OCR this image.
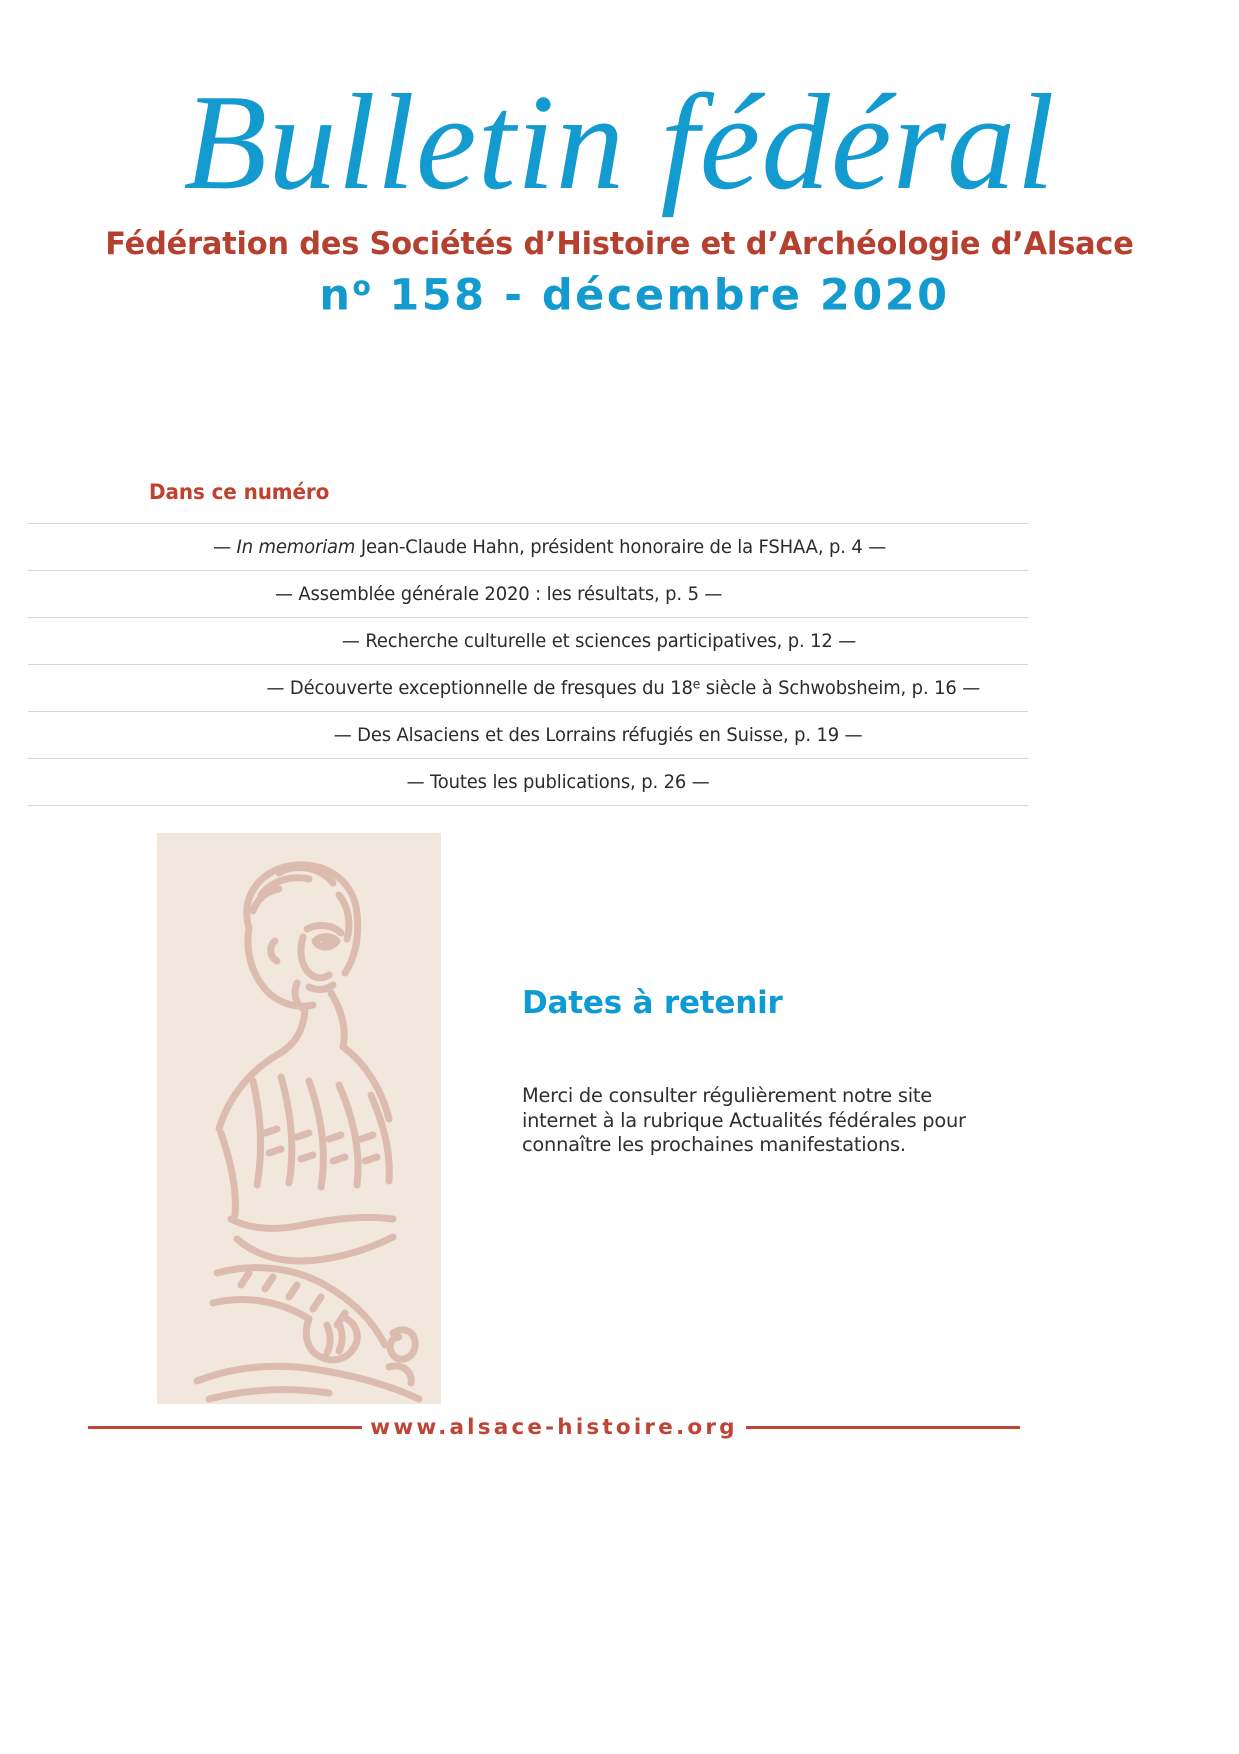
Bulletin fédéral
Fédération des Sociétés d’Histoire et d’Archéologie d’Alsace
$n^o$ 158 - décembre 2020
Dans ce numéro
— In memoriam Jean-Claude Hahn, président honoraire de la FSHAA, p. 4 —
— Assemblée générale 2020 : les résultats, p. 5 —
— Recherche culturelle et sciences participatives, p. 12 —
— Découverte exceptionnelle de fresques du 18e siècle à Schwobsheim, p. 16 —
— Des Alsaciens et des Lorrains réfugiés en Suisse, p. 19 —
— Toutes les publications, p. 26 —
Dates à retenir

Merci de consulter régulièrement notre site internet à la rubrique Actualités fédérales pour connaître les prochaines manifestations.

www.alsace-histoire.org
